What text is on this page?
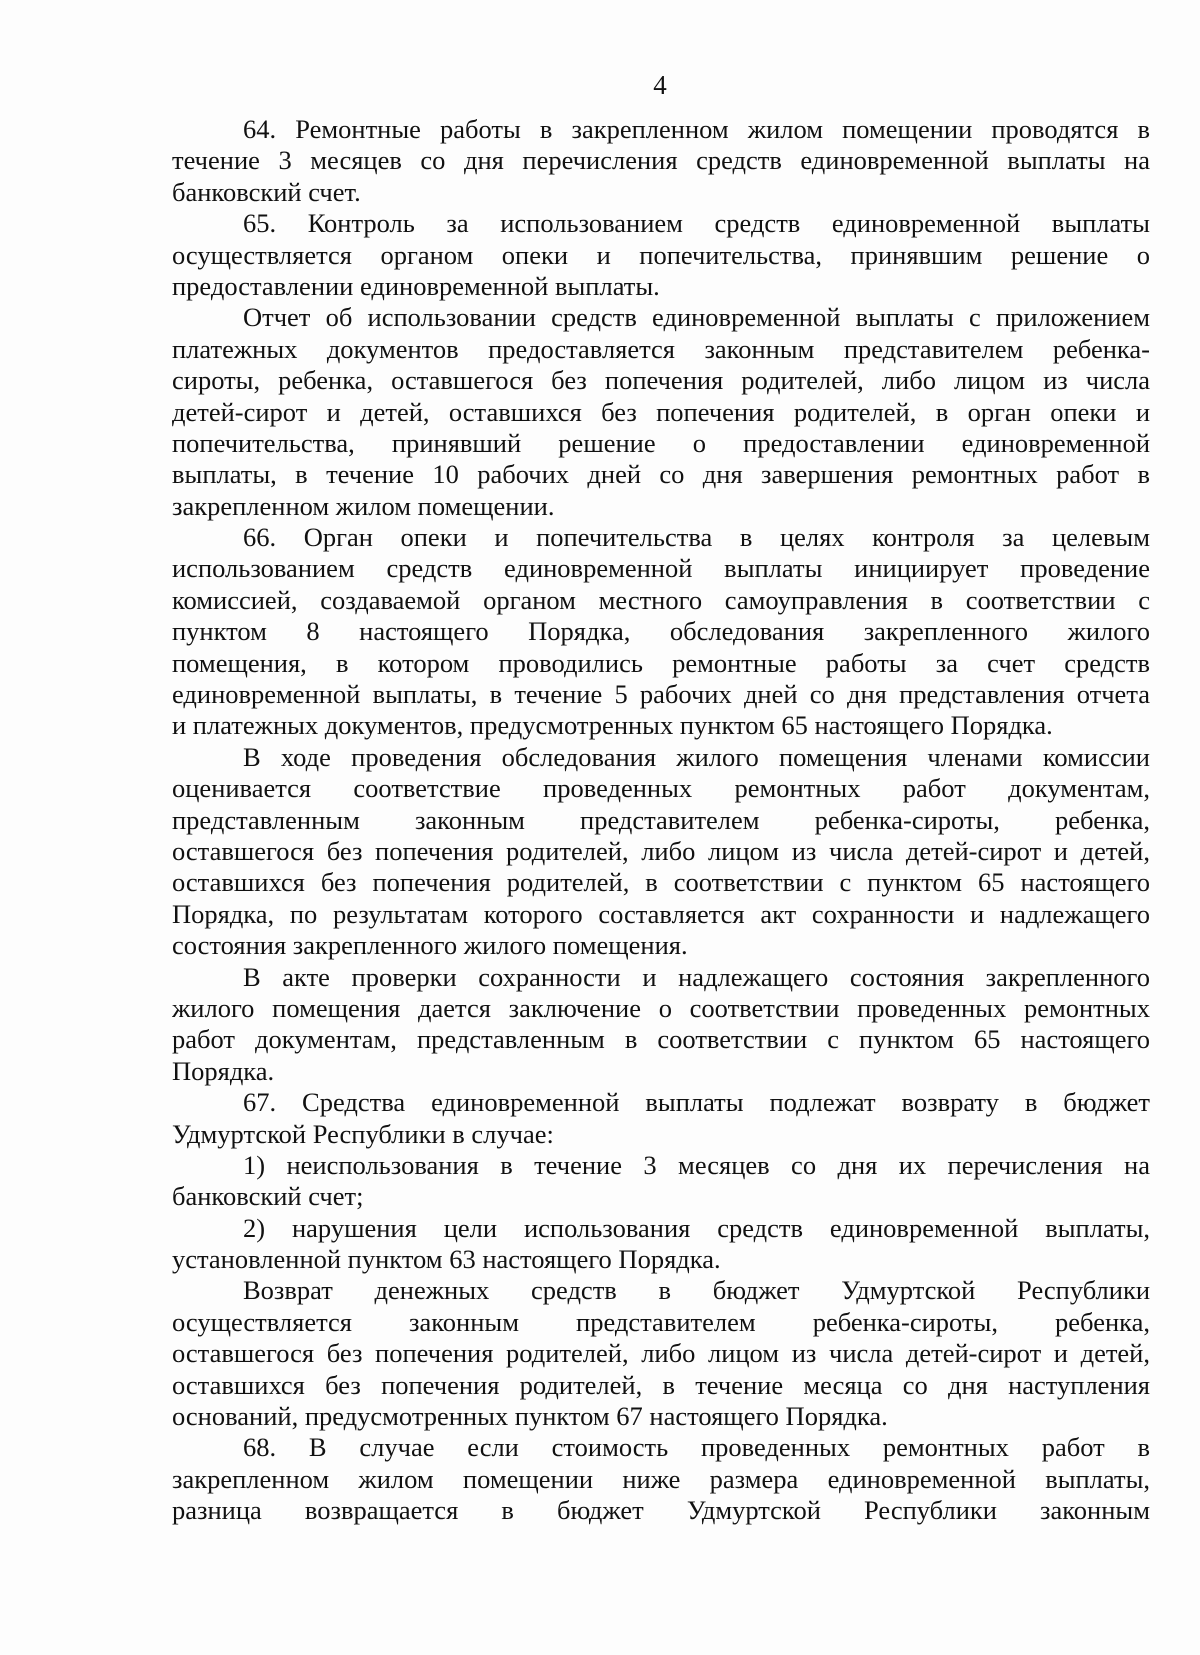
4
64. Ремонтные работы в закрепленном жилом помещении проводятся в
течение 3 месяцев со дня перечисления средств единовременной выплаты на
банковский счет.
65. Контроль за использованием средств единовременной выплаты
осуществляется органом опеки и попечительства, принявшим решение о
предоставлении единовременной выплаты.
Отчет об использовании средств единовременной выплаты с приложением
платежных документов предоставляется законным представителем ребенка-
сироты, ребенка, оставшегося без попечения родителей, либо лицом из числа
детей-сирот и детей, оставшихся без попечения родителей, в орган опеки и
попечительства, принявший решение о предоставлении единовременной
выплаты, в течение 10 рабочих дней со дня завершения ремонтных работ в
закрепленном жилом помещении.
66. Орган опеки и попечительства в целях контроля за целевым
использованием средств единовременной выплаты инициирует проведение
комиссией, создаваемой органом местного самоуправления в соответствии с
пунктом 8 настоящего Порядка, обследования закрепленного жилого
помещения, в котором проводились ремонтные работы за счет средств
единовременной выплаты, в течение 5 рабочих дней со дня представления отчета
и платежных документов, предусмотренных пунктом 65 настоящего Порядка.
В ходе проведения обследования жилого помещения членами комиссии
оценивается соответствие проведенных ремонтных работ документам,
представленным законным представителем ребенка-сироты, ребенка,
оставшегося без попечения родителей, либо лицом из числа детей-сирот и детей,
оставшихся без попечения родителей, в соответствии с пунктом 65 настоящего
Порядка, по результатам которого составляется акт сохранности и надлежащего
состояния закрепленного жилого помещения.
В акте проверки сохранности и надлежащего состояния закрепленного
жилого помещения дается заключение о соответствии проведенных ремонтных
работ документам, представленным в соответствии с пунктом 65 настоящего
Порядка.
67. Средства единовременной выплаты подлежат возврату в бюджет
Удмуртской Республики в случае:
1) неиспользования в течение 3 месяцев со дня их перечисления на
банковский счет;
2) нарушения цели использования средств единовременной выплаты,
установленной пунктом 63 настоящего Порядка.
Возврат денежных средств в бюджет Удмуртской Республики
осуществляется законным представителем ребенка-сироты, ребенка,
оставшегося без попечения родителей, либо лицом из числа детей-сирот и детей,
оставшихся без попечения родителей, в течение месяца со дня наступления
оснований, предусмотренных пунктом 67 настоящего Порядка.
68. В случае если стоимость проведенных ремонтных работ в
закрепленном жилом помещении ниже размера единовременной выплаты,
разница возвращается в бюджет Удмуртской Республики законным
